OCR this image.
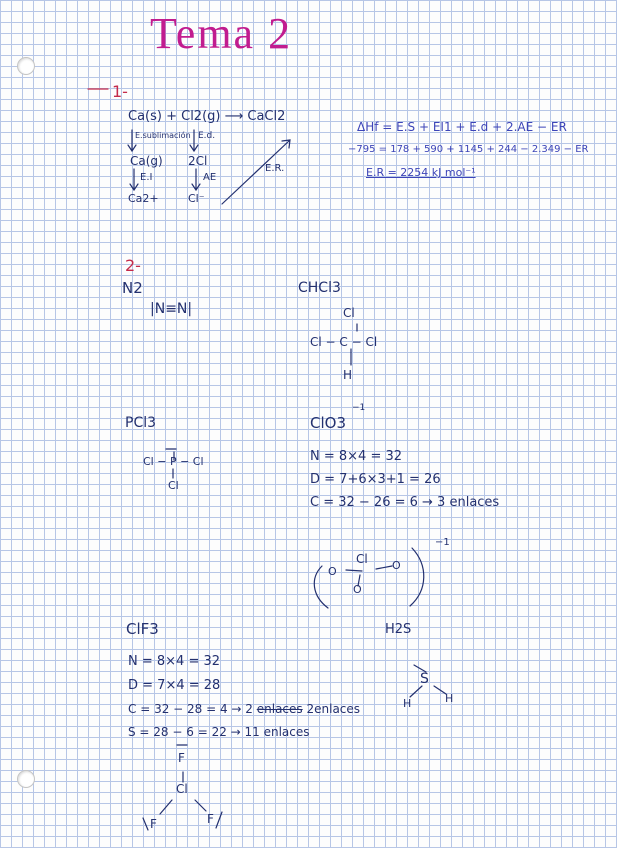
Tema 2
1-
Ca(s) + Cl2(g) ⟶ CaCl2
E.sublimación E.d.
Ca(g) 2Cl
E.I	AE
E.R.
Ca2+	Cl⁻
ΔHf = E.S + EI1 + E.d + 2.AE − ER
−795 = 178 + 590 + 1145 + 244 − 2.349 − ER
E.R = 2254 kJ mol⁻¹
2-
N2
|N≡N|
CHCl3
Cl
Cl − C − Cl
H
PCl3
Cl − P − Cl
Cl
ClO3
−1
N = 8×4 = 32
D = 7+6×3+1 = 26
C = 32 − 26 = 6 → 3 enlaces
Cl
O	O
O
−1
ClF3
N = 8×4 = 32
D = 7×4 = 28
C = 32 − 28 = 4 → 2 enlaces 2enlaces
S = 28 − 6 = 22 → 11 enlaces
F
Cl
F	F
H2S
S
H	H
